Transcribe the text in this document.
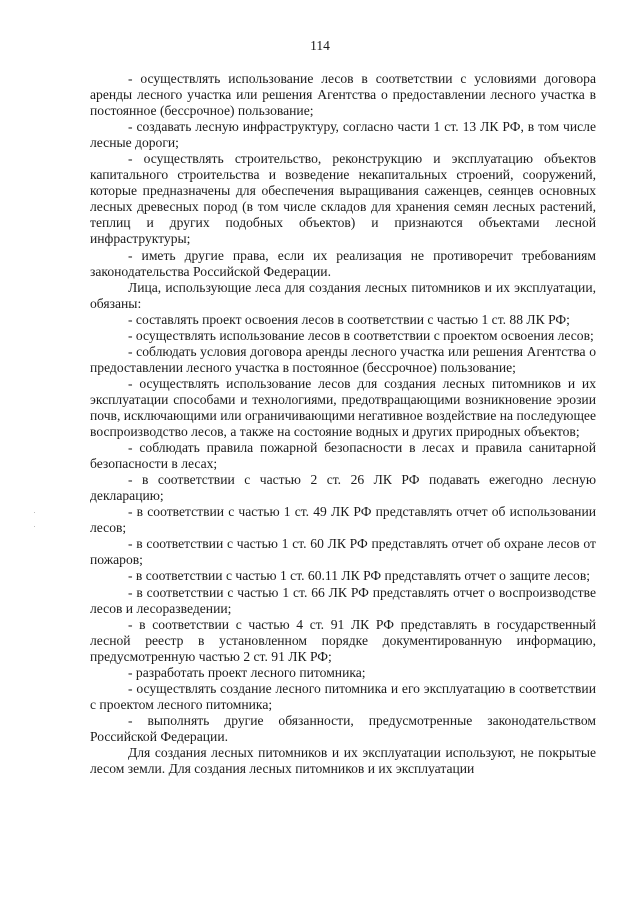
114

- осуществлять использование лесов в соответствии с условиями договора аренды лесного участка или решения Агентства о предоставлении лесного участка в постоянное (бессрочное) пользование;

- создавать лесную инфраструктуру, согласно части 1 ст. 13 ЛК РФ, в том числе лесные дороги;

- осуществлять строительство, реконструкцию и эксплуатацию объектов капитального строительства и возведение некапитальных строений, сооружений, которые предназначены для обеспечения выращивания саженцев, сеянцев основных лесных древесных пород (в том числе складов для хранения семян лесных растений, теплиц и других подобных объектов) и признаются объектами лесной инфраструктуры;

- иметь другие права, если их реализация не противоречит требованиям законодательства Российской Федерации.

Лица, использующие леса для создания лесных питомников и их эксплуатации, обязаны:

- составлять проект освоения лесов в соответствии с частью 1 ст. 88 ЛК РФ;

- осуществлять использование лесов в соответствии с проектом освоения лесов;

- соблюдать условия договора аренды лесного участка или решения Агентства о предоставлении лесного участка в постоянное (бессрочное) пользование;

- осуществлять использование лесов для создания лесных питомников и их эксплуатации способами и технологиями, предотвращающими возникновение эрозии почв, исключающими или ограничивающими негативное воздействие на последующее воспроизводство лесов, а также на состояние водных и других природных объектов;

- соблюдать правила пожарной безопасности в лесах и правила санитарной безопасности в лесах;

- в соответствии с частью 2 ст. 26 ЛК РФ подавать ежегодно лесную декларацию;

- в соответствии с частью 1 ст. 49 ЛК РФ представлять отчет об использовании лесов;

- в соответствии с частью 1 ст. 60 ЛК РФ представлять отчет об охране лесов от пожаров;

- в соответствии с частью 1 ст. 60.11 ЛК РФ представлять отчет о защите лесов;

- в соответствии с частью 1 ст. 66 ЛК РФ представлять отчет о воспроизводстве лесов и лесоразведении;

- в соответствии с частью 4 ст. 91 ЛК РФ представлять в государственный лесной реестр в установленном порядке документированную информацию, предусмотренную частью 2 ст. 91 ЛК РФ;

- разработать проект лесного питомника;

- осуществлять создание лесного питомника и его эксплуатацию в соответствии с проектом лесного питомника;

- выполнять другие обязанности, предусмотренные законодательством Российской Федерации.

Для создания лесных питомников и их эксплуатации используют, не покрытые лесом земли. Для создания лесных питомников и их эксплуатации
